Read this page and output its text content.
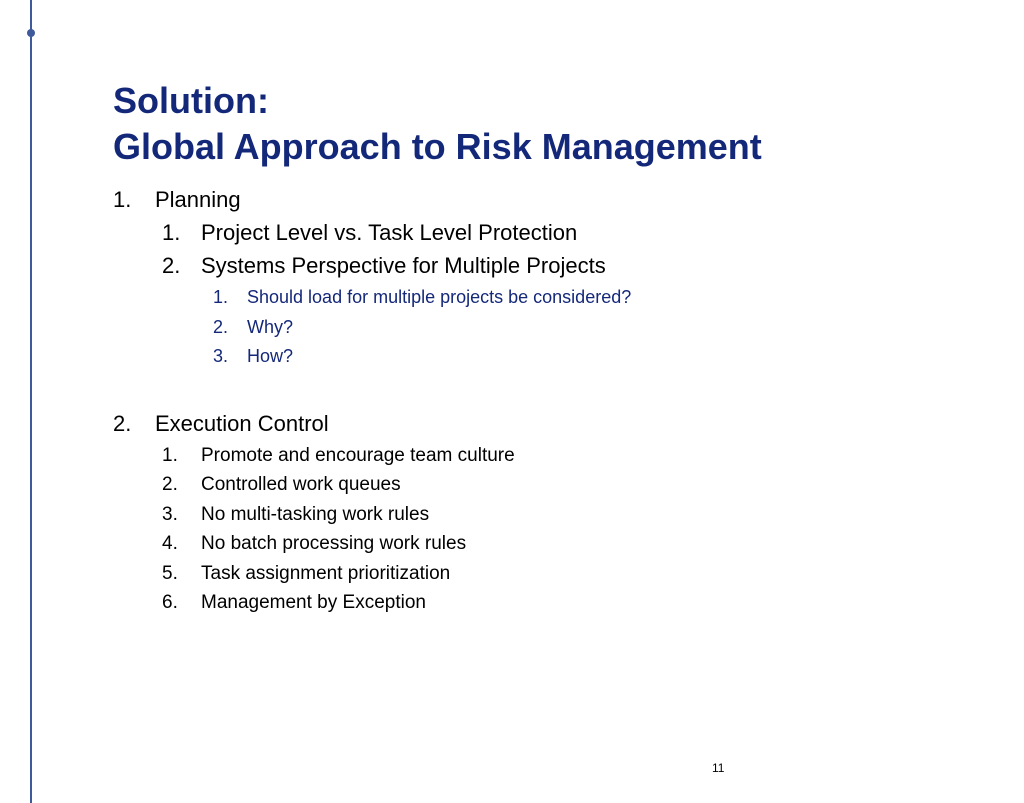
Solution:
Global Approach to Risk Management
1. Planning
1. Project Level vs. Task Level Protection
2. Systems Perspective for Multiple Projects
1. Should load for multiple projects be considered?
2. Why?
3. How?
2. Execution Control
1. Promote and encourage team culture
2. Controlled work queues
3. No multi-tasking work rules
4. No batch processing work rules
5. Task assignment prioritization
6. Management by Exception
11
